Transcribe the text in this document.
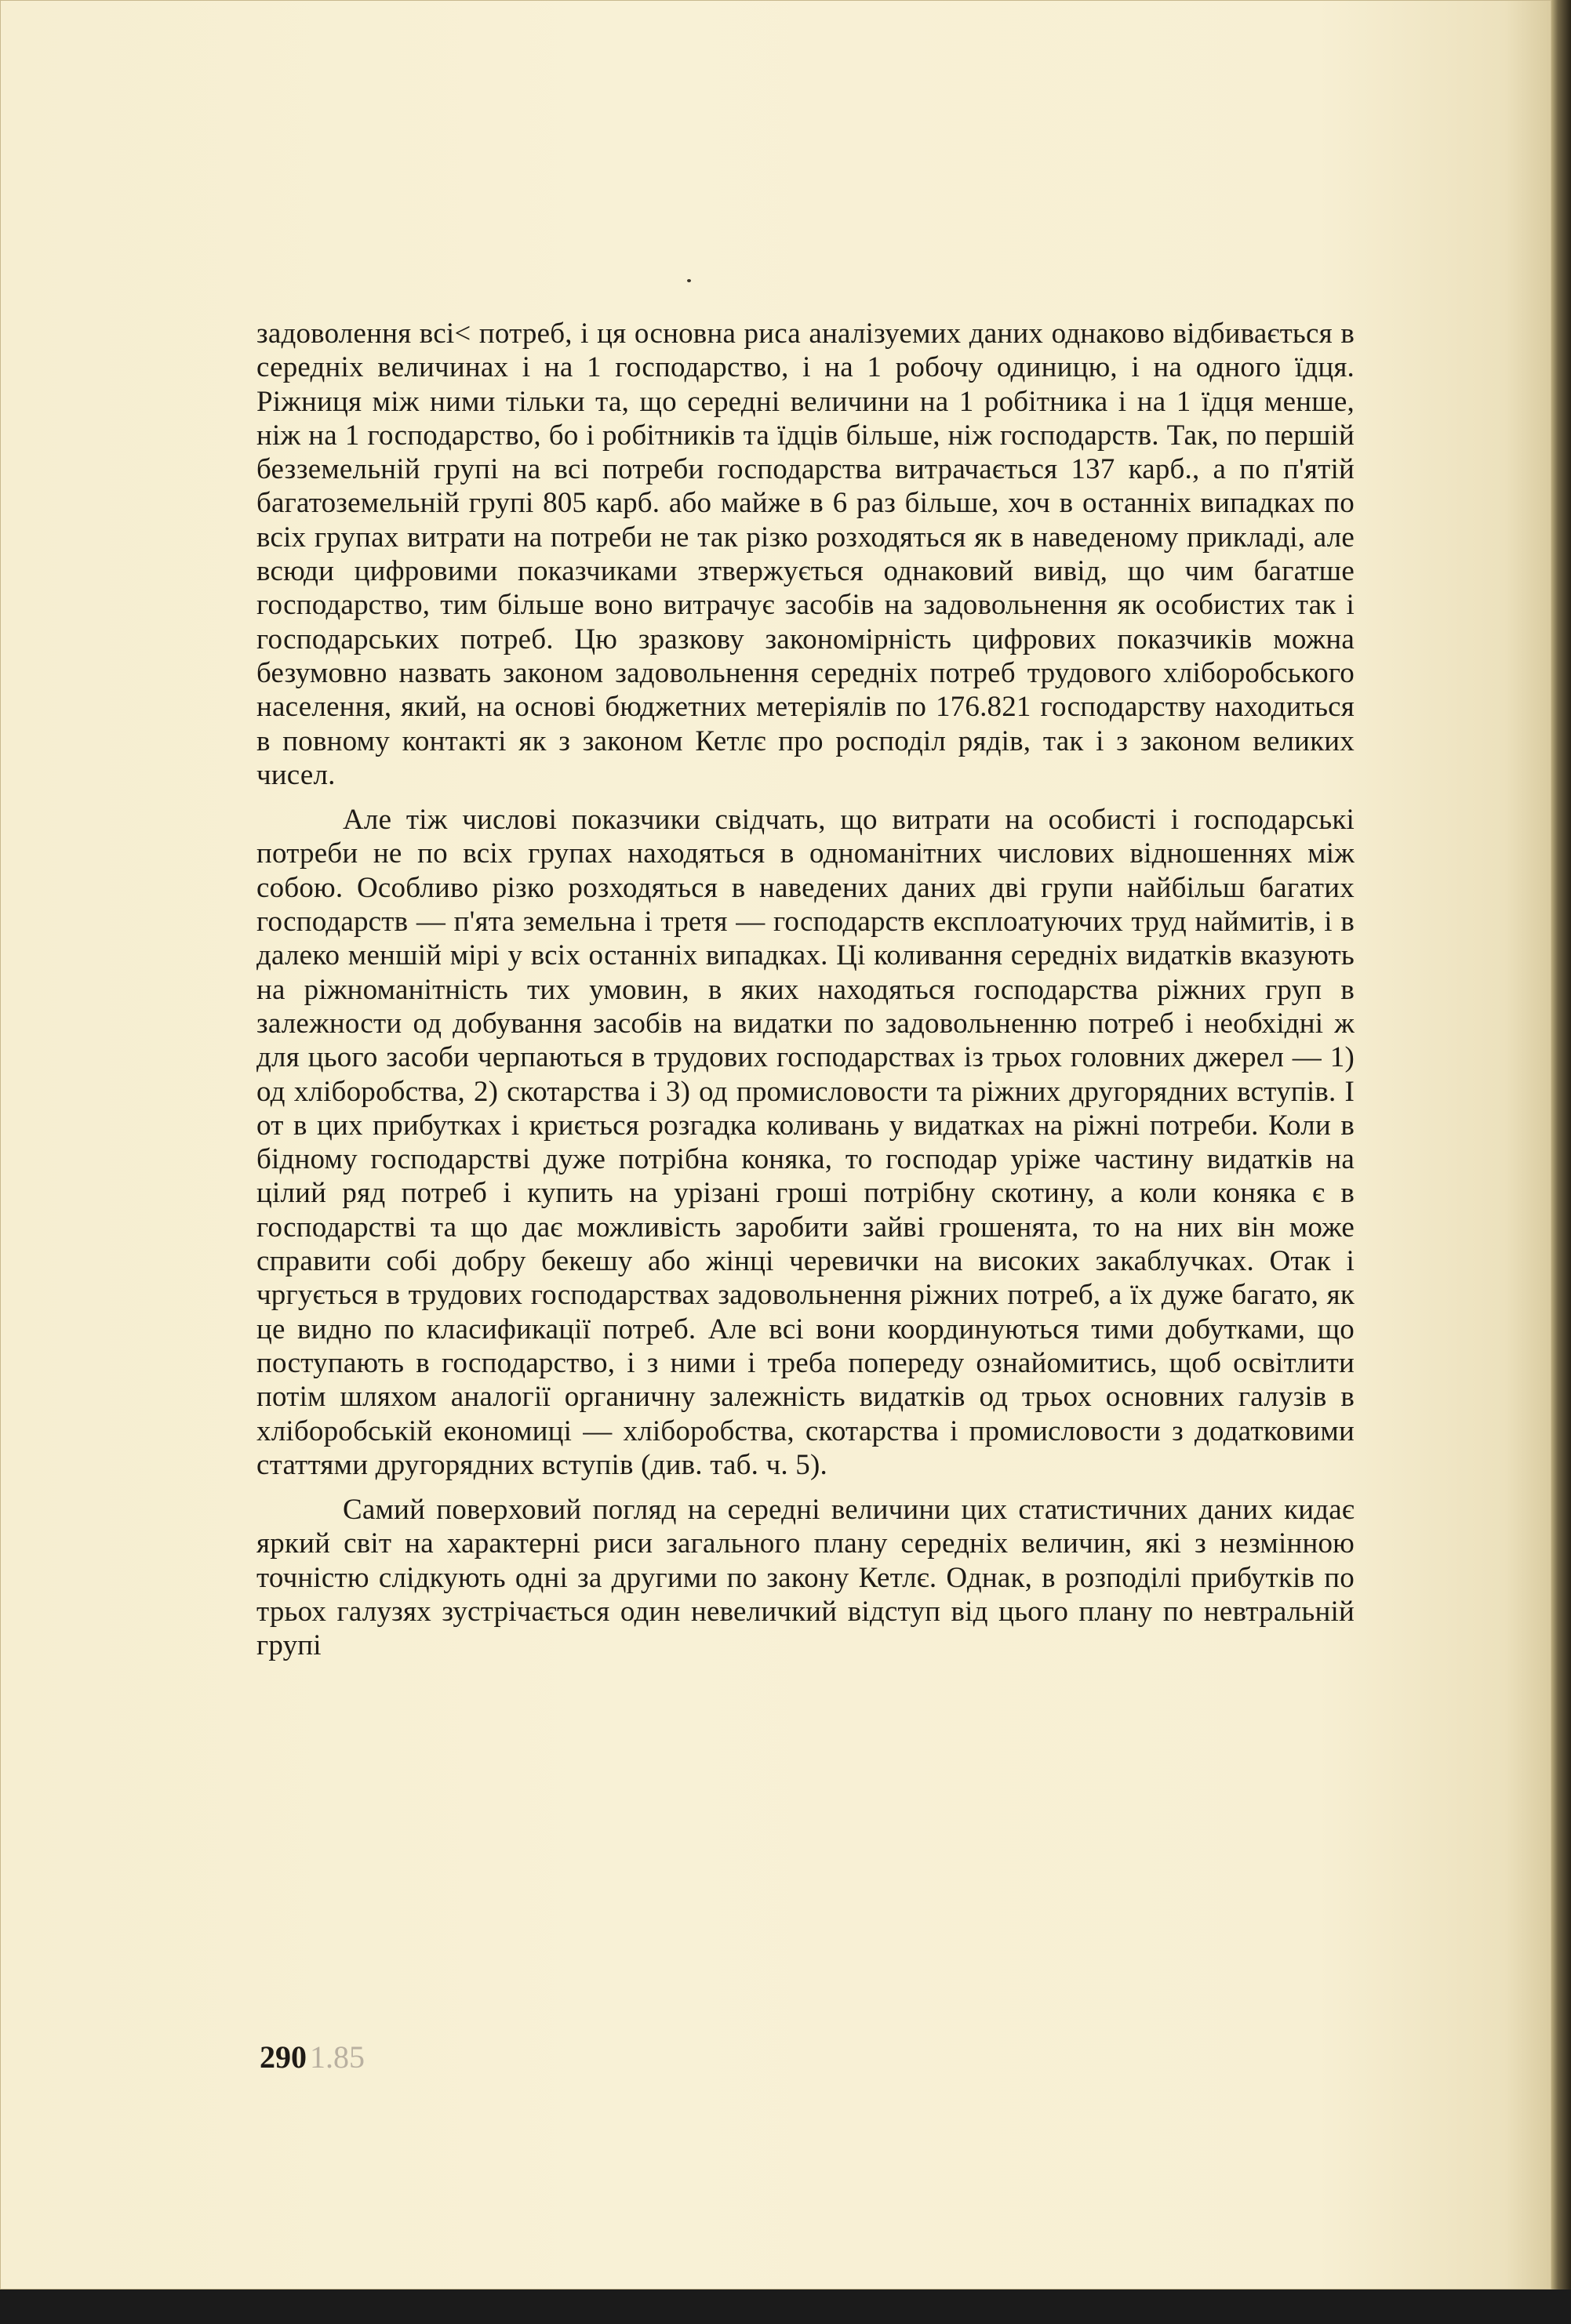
задоволення всі< потреб, і ця основна риса аналізуемих даних однаково відбивається в середніх величинах і на 1 господарство, і на 1 робочу одиницю, і на одного їдця. Ріжниця між ними тільки та, що середні величини на 1 робітника і на 1 їдця менше, ніж на 1 господарство, бо і робітників та їдців більше, ніж господарств. Так, по першій безземельній групі на всі потреби господарства витрачається 137 карб., а по п'ятій багатоземельній групі 805 карб. або майже в 6 раз більше, хоч в останніх випадках по всіх групах витрати на потреби не так різко розходяться як в наведеному прикладі, але всюди цифровими показчиками зтвержується однаковий вивід, що чим багатше господарство, тим більше воно витрачує засобів на задовольнення як особистих так і господарських потреб. Цю зразкову закономірність цифрових показчиків можна безумовно назвать законом задовольнення середніх потреб трудового хліборобського населення, який, на основі бюджетних метеріялів по 176.821 господарству находиться в повному контакті як з законом Кетлє про росподіл рядів, так і з законом великих чисел.

Але тіж числові показчики свідчать, що витрати на особисті і господарські потреби не по всіх групах находяться в одноманітних числових відношеннях між собою. Особливо різко розходяться в наведених даних дві групи найбільш багатих господарств — п'ята земельна і третя — господарств експлоатуючих труд наймитів, і в далеко меншій мірі у всіх останніх випадках. Ці коливання середніх видатків вказують на ріжноманітність тих умовин, в яких находяться господарства ріжних груп в залежности од добування засобів на видатки по задовольненню потреб і необхідні ж для цього засоби черпаються в трудових господарствах із трьох головних джерел — 1) од хліборобства, 2) скотарства і 3) од промисловости та ріжних другорядних вступів. І от в цих прибутках і криється розгадка коливань у видатках на ріжні потреби. Коли в бідному господарстві дуже потрібна коняка, то господар уріже частину видатків на цілий ряд потреб і купить на урізані гроші потрібну скотину, а коли коняка є в господарстві та що дає можливість заробити зайві грошенята, то на них він може справити собі добру бекешу або жінці черевички на високих закаблучках. Отак і чргується в трудових господарствах задовольнення ріжних потреб, а їх дуже багато, як це видно по класификації потреб. Але всі вони координуються тими добутками, що поступають в господарство, і з ними і треба попереду ознайомитись, щоб освітлити потім шляхом аналогії органичну залежність видатків од трьох основних галузів в хліборобській економиці — хліборобства, скотарства і промисловости з додатковими статтями другорядних вступів (див. таб. ч. 5).

Самий поверховий погляд на середні величини цих статистичних даних кидає яркий світ на характерні риси загального плану середніх величин, які з незмінною точністю слідкують одні за другими по закону Кетлє. Однак, в розподілі прибутків по трьох галузях зустрічається один невеличкий відступ від цього плану по невтральній групі

290 1.85
